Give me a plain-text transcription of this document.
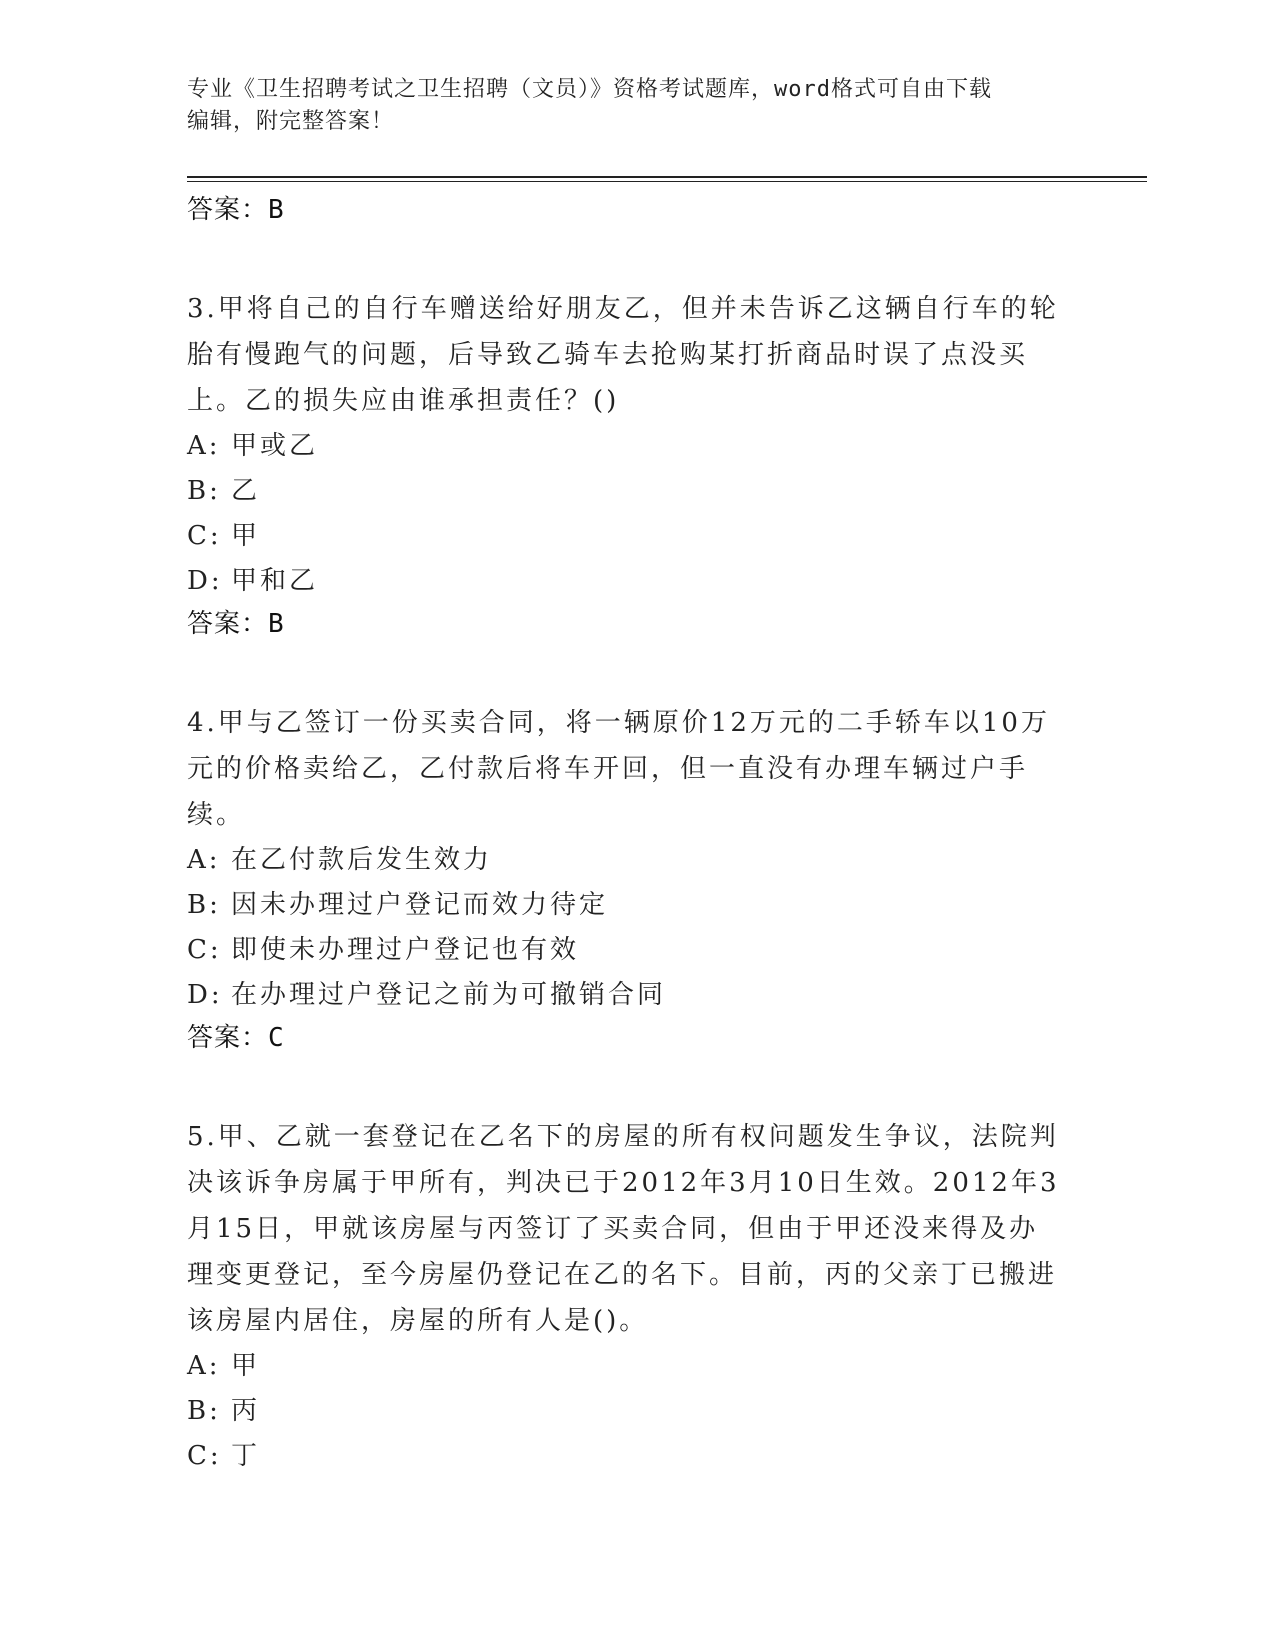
专业《卫生招聘考试之卫生招聘（文员）》资格考试题库，word格式可自由下载
编辑，附完整答案！
答案：B
3.甲将自己的自行车赠送给好朋友乙，但并未告诉乙这辆自行车的轮胎有慢跑气的问题，后导致乙骑车去抢购某打折商品时误了点没买上。乙的损失应由谁承担责任？()
A: 甲或乙
B: 乙
C: 甲
D: 甲和乙
答案：B
4.甲与乙签订一份买卖合同，将一辆原价12万元的二手轿车以10万元的价格卖给乙，乙付款后将车开回，但一直没有办理车辆过户手续。
A: 在乙付款后发生效力
B: 因未办理过户登记而效力待定
C: 即使未办理过户登记也有效
D: 在办理过户登记之前为可撤销合同
答案：C
5.甲、乙就一套登记在乙名下的房屋的所有权问题发生争议，法院判决该诉争房属于甲所有，判决已于2012年3月10日生效。2012年3月15日，甲就该房屋与丙签订了买卖合同，但由于甲还没来得及办理变更登记，至今房屋仍登记在乙的名下。目前，丙的父亲丁已搬进该房屋内居住，房屋的所有人是()。
A: 甲
B: 丙
C: 丁
